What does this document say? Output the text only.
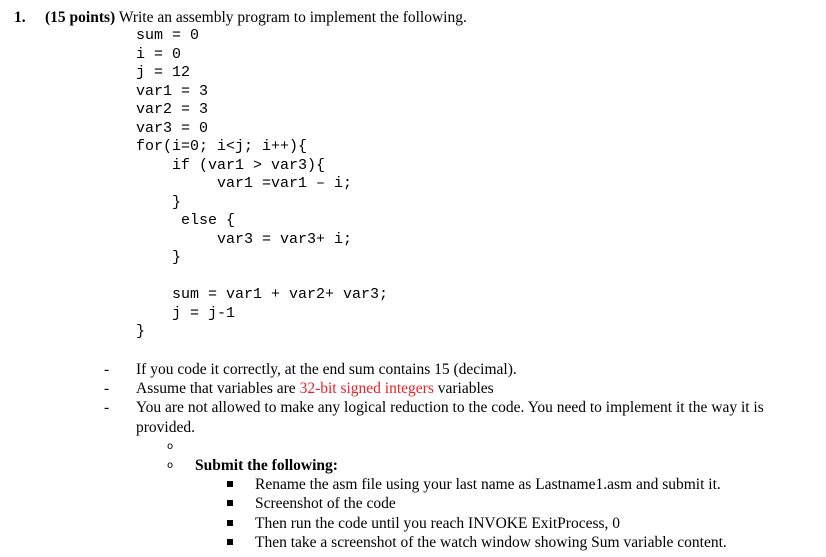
1. (15 points) Write an assembly program to implement the following.
sum = 0
i = 0
j = 12
var1 = 3
var2 = 3
var3 = 0
for(i=0; i<j; i++){
if (var1 > var3){
var1 =var1 – i;
}
else {
var3 = var3+ i;
}
sum = var1 + var2+ var3;
j = j-1
}
- If you code it correctly, at the end sum contains 15 (decimal).
- Assume that variables are 32-bit signed integers variables
- You are not allowed to make any logical reduction to the code. You need to implement it the way it is provided.
o
o Submit the following:
Rename the asm file using your last name as Lastname1.asm and submit it.
Screenshot of the code
Then run the code until you reach INVOKE ExitProcess, 0
Then take a screenshot of the watch window showing Sum variable content.
